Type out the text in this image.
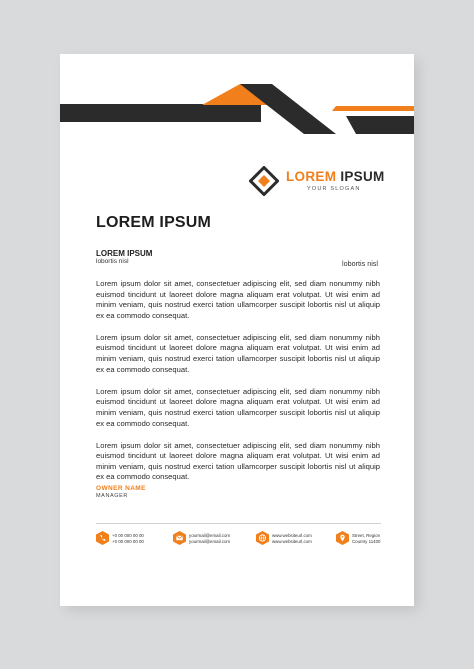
LOREM IPSUM
YOUR SLOGAN
LOREM IPSUM
LOREM IPSUM
lobortis nisl	lobortis nisl

Lorem ipsum dolor sit amet, consectetuer adipiscing elit, sed diam nonummy nibh euismod tincidunt ut laoreet dolore magna aliquam erat volutpat. Ut wisi enim ad minim veniam, quis nostrud exerci tation ullamcorper suscipit lobortis nisl ut aliquip ex ea commodo consequat.

Lorem ipsum dolor sit amet, consectetuer adipiscing elit, sed diam nonummy nibh euismod tincidunt ut laoreet dolore magna aliquam erat volutpat. Ut wisi enim ad minim veniam, quis nostrud exerci tation ullamcorper suscipit lobortis nisl ut aliquip ex ea commodo consequat.

Lorem ipsum dolor sit amet, consectetuer adipiscing elit, sed diam nonummy nibh euismod tincidunt ut laoreet dolore magna aliquam erat volutpat. Ut wisi enim ad minim veniam, quis nostrud exerci tation ullamcorper suscipit lobortis nisl ut aliquip ex ea commodo consequat.

Lorem ipsum dolor sit amet, consectetuer adipiscing elit, sed diam nonummy nibh euismod tincidunt ut laoreet dolore magna aliquam erat volutpat. Ut wisi enim ad minim veniam, quis nostrud exerci tation ullamcorper suscipit lobortis nisl ut aliquip ex ea commodo consequat.

OWNER NAME
MANAGER
+0 00 000 00 00
+0 00 000 00 00
yourmail@email.com
yourmail@email.com
www.websiteurl.com
www.websiteurl.com
Street, Region
Country 11400
